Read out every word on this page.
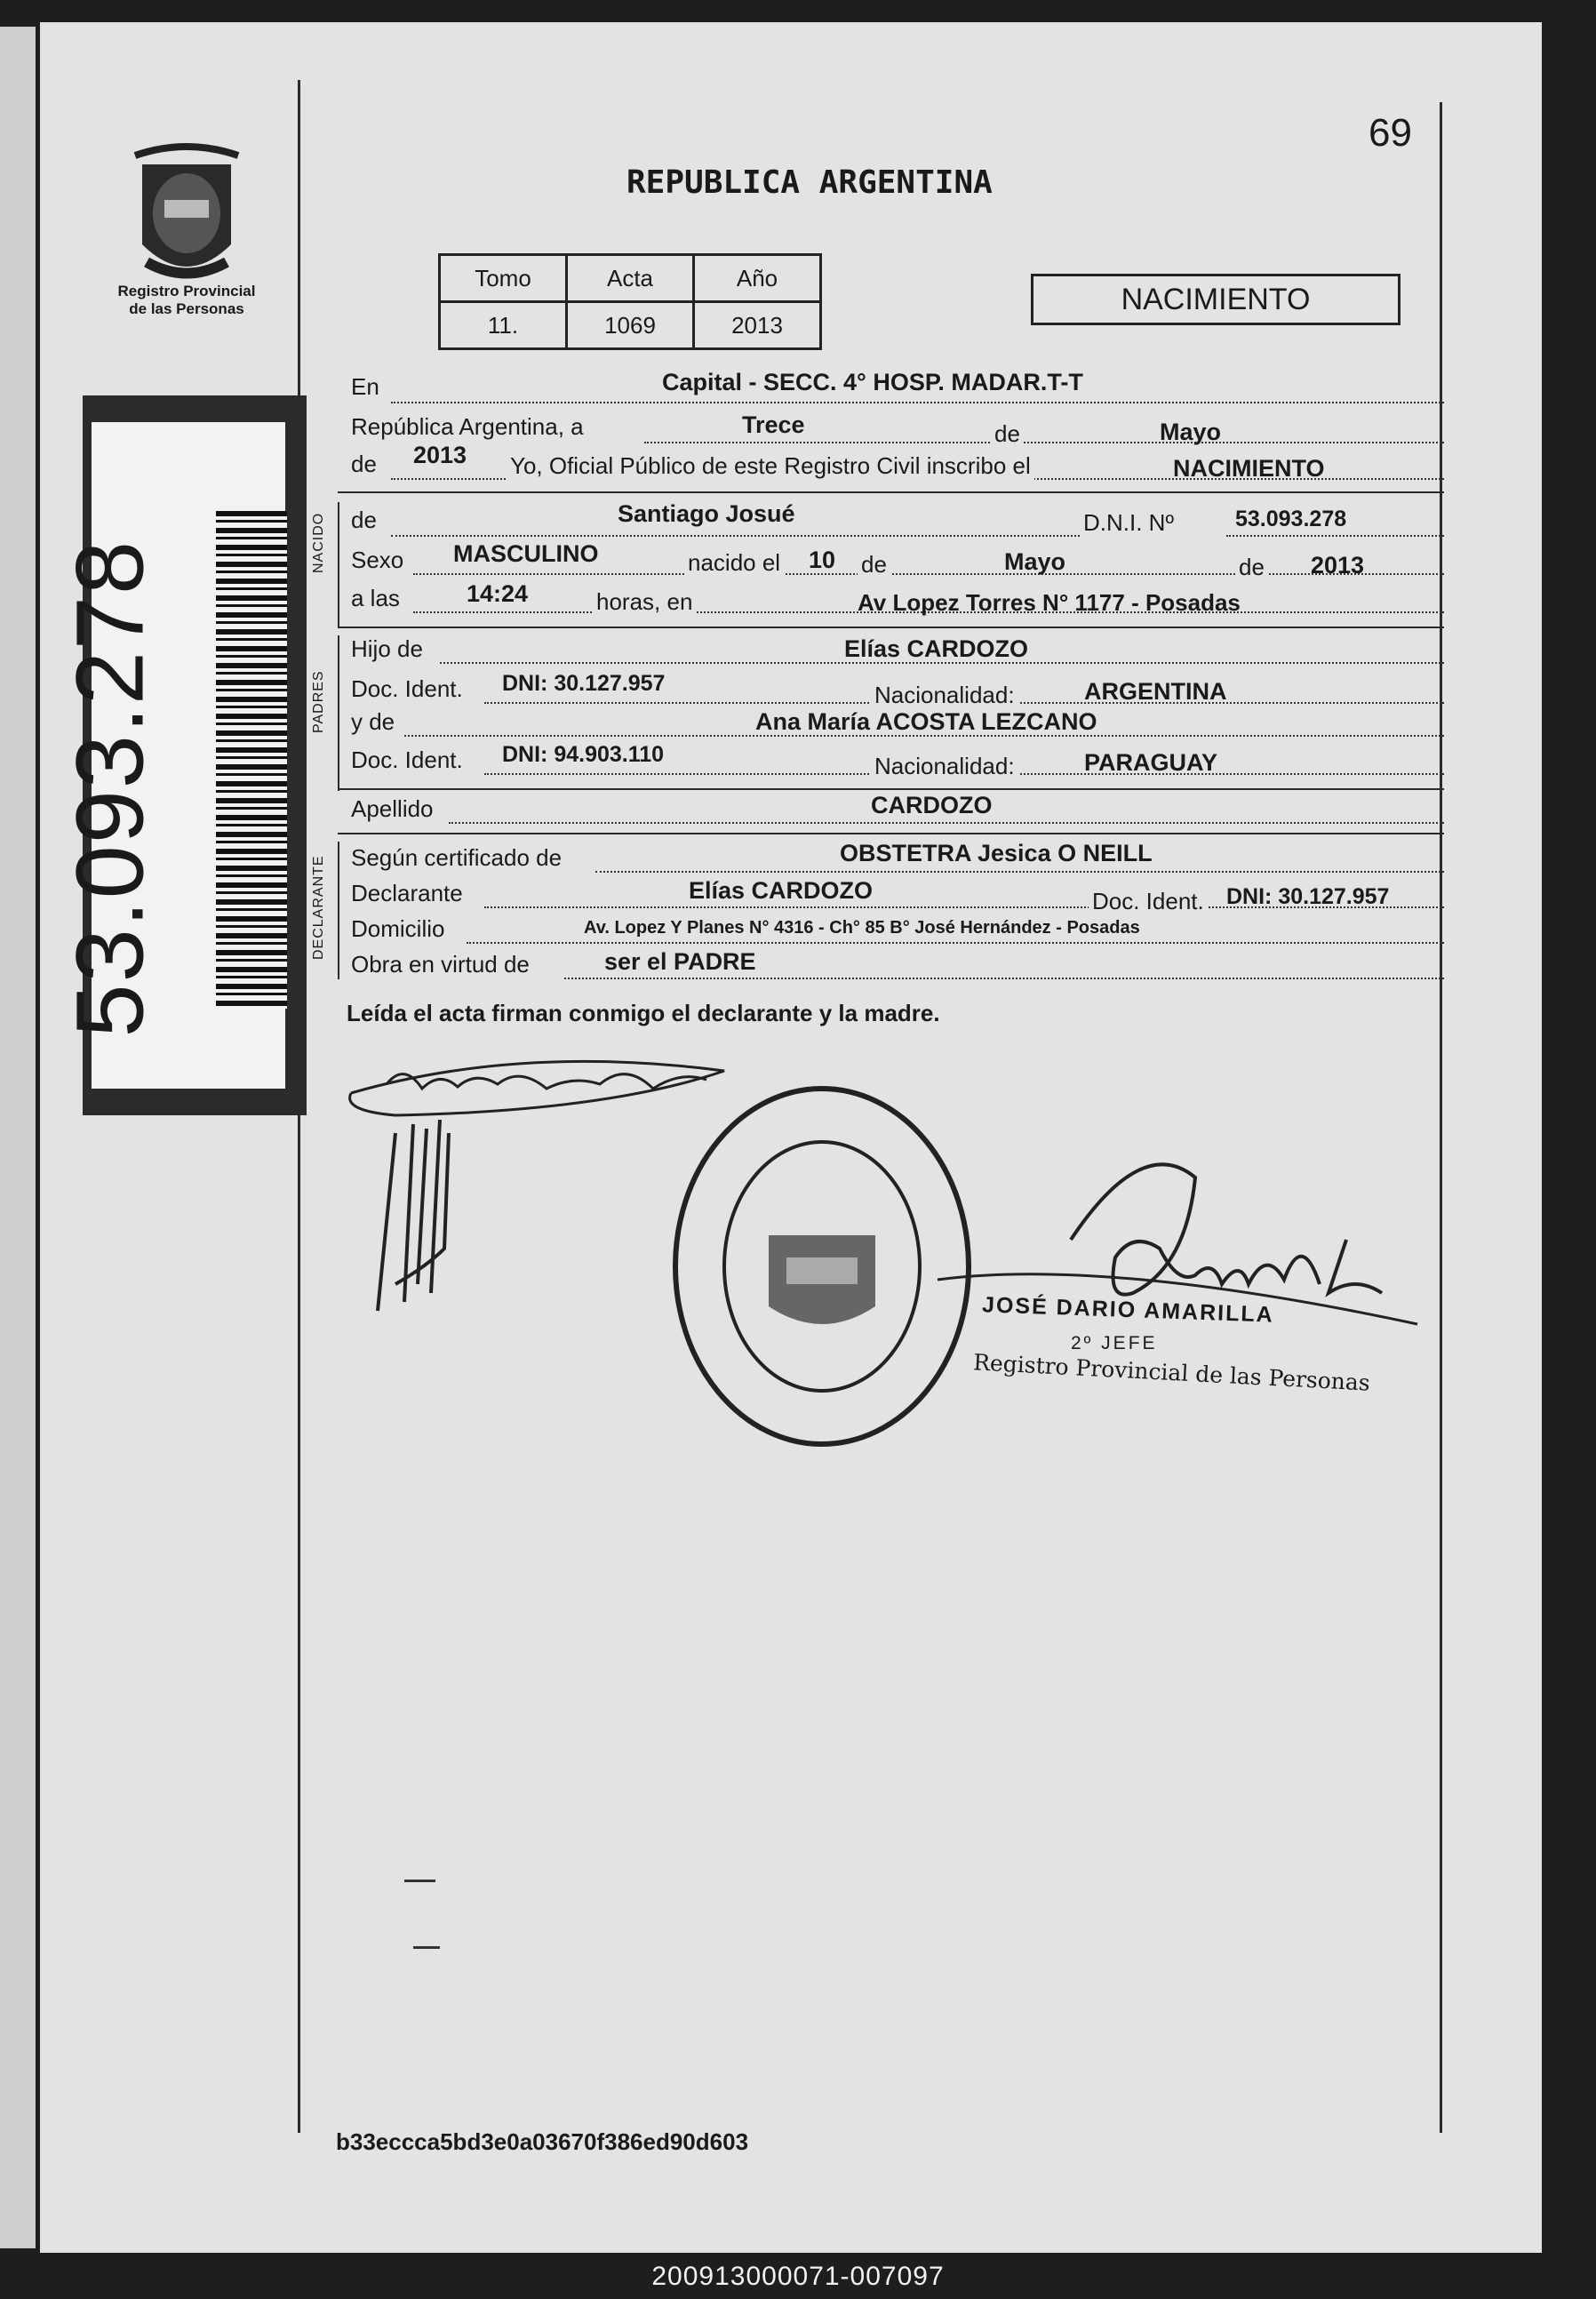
69
Registro Provincial
de las Personas
53.093.278
REPUBLICA ARGENTINA
Tomo	Acta	Año
11.	1069	2013
NACIMIENTO
En	Capital - SECC. 4° HOSP. MADAR.T-T
República Argentina, a	Trece	de	Mayo
de 2013 Yo, Oficial Público de este Registro Civil inscribo el	NACIMIENTO
NACIDO de	Santiago Josué	D.N.I. Nº	53.093.278
Sexo MASCULINO	nacido el 10 de	Mayo	de 2013
a las	14:24	horas, en	Av Lopez Torres N° 1177 - Posadas
PADRES
Hijo de	Elías CARDOZO
Doc. Ident. DNI: 30.127.957	Nacionalidad:	ARGENTINA
y de	Ana María ACOSTA LEZCANO
Doc. Ident. DNI: 94.903.110	Nacionalidad:	PARAGUAY
Apellido	CARDOZO
DECLARANTE Según certificado de	OBSTETRA Jesica O NEILL
Declarante	Elías CARDOZO	Doc. Ident. DNI: 30.127.957
Domicilio	Av. Lopez Y Planes N° 4316 - Ch° 85 B° José Hernández - Posadas
Obra en virtud de	ser el PADRE
Leída el acta firman conmigo el declarante y la madre.
JOSÉ DARIO AMARILLA
2º JEFE
Registro Provincial de las Personas
b33eccca5bd3e0a03670f386ed90d603
200913000071-007097
